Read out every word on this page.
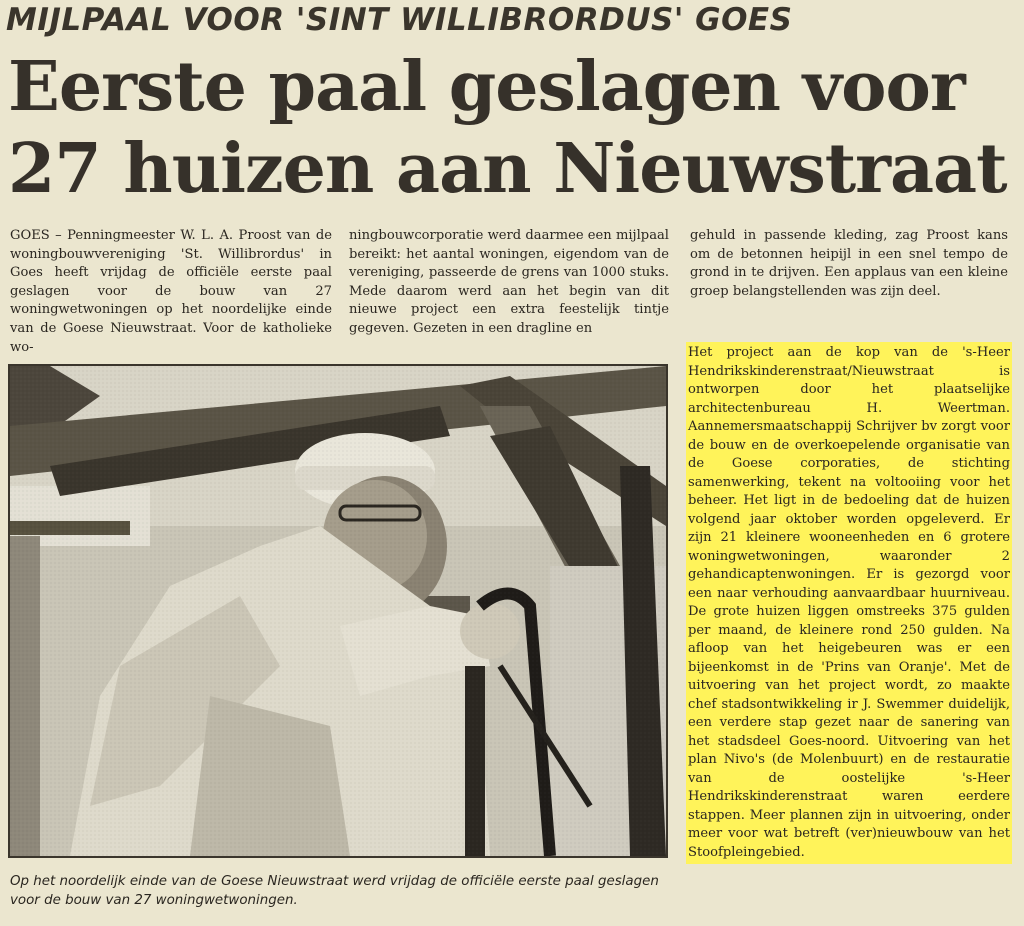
MIJLPAAL VOOR 'SINT WILLIBRORDUS' GOES
Eerste paal geslagen voor
27 huizen aan Nieuwstraat

GOES – Penningmeester W. L. A. Proost van de woningbouwvereniging 'St. Willibrordus' in Goes heeft vrijdag de officiële eerste paal geslagen voor de bouw van 27 woningwetwoningen op het noordelijke einde van de Goese Nieuwstraat. Voor de katholieke wo-

ningbouwcorporatie werd daarmee een mijlpaal bereikt: het aantal woningen, eigendom van de vereniging, passeerde de grens van 1000 stuks. Mede daarom werd aan het begin van dit nieuwe project een extra feestelijk tintje gegeven. Gezeten in een dragline en

gehuld in passende kleding, zag Proost kans om de betonnen heipijl in een snel tempo de grond in te drijven. Een applaus van een kleine groep belangstellenden was zijn deel.

Het project aan de kop van de 's-Heer Hendrikskinderenstraat/Nieuwstraat is ontworpen door het plaatselijke architectenbureau H. Weertman. Aannemersmaatschappij Schrijver bv zorgt voor de bouw en de overkoepelende organisatie van de Goese corporaties, de stichting samenwerking, tekent na voltooiing voor het beheer. Het ligt in de bedoeling dat de huizen volgend jaar oktober worden opgeleverd. Er zijn 21 kleinere wooneenheden en 6 grotere woningwetwoningen, waaronder 2 gehandicaptenwoningen. Er is gezorgd voor een naar verhouding aanvaardbaar huurniveau. De grote huizen liggen omstreeks 375 gulden per maand, de kleinere rond 250 gulden. Na afloop van het heigebeuren was er een bijeenkomst in de 'Prins van Oranje'. Met de uitvoering van het project wordt, zo maakte chef stadsontwikkeling ir J. Swemmer duidelijk, een verdere stap gezet naar de sanering van het stadsdeel Goes-noord. Uitvoering van het plan Nivo's (de Molenbuurt) en de restauratie van de oostelijke 's-Heer Hendrikskinderenstraat waren eerdere stappen. Meer plannen zijn in uitvoering, onder meer voor wat betreft (ver)nieuwbouw van het Stoofpleingebied.

Op het noordelijk einde van de Goese Nieuwstraat werd vrijdag de officiële eerste paal geslagen voor de bouw van 27 woningwetwoningen.
